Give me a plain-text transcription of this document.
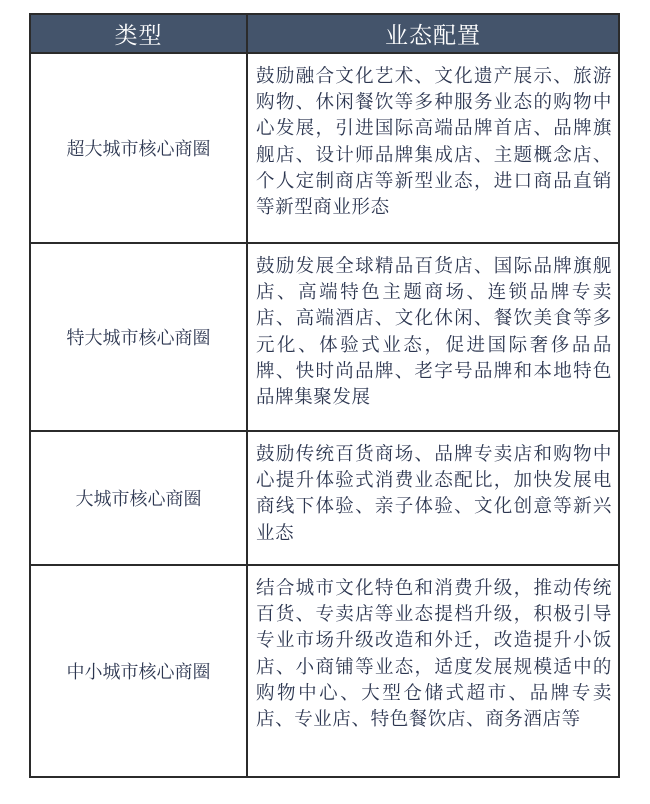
类型	业态配置
超大城市核心商圈
鼓励融合文化艺术、文化遗产展示、旅游购物、休闲餐饮等多种服务业态的购物中心发展，引进国际高端品牌首店、品牌旗舰店、设计师品牌集成店、主题概念店、个人定制商店等新型业态，进口商品直销等新型商业形态
特大城市核心商圈
鼓励发展全球精品百货店、国际品牌旗舰店、高端特色主题商场、连锁品牌专卖店、高端酒店、文化休闲、餐饮美食等多元化、体验式业态，促进国际奢侈品品牌、快时尚品牌、老字号品牌和本地特色品牌集聚发展
大城市核心商圈
鼓励传统百货商场、品牌专卖店和购物中心提升体验式消费业态配比，加快发展电商线下体验、亲子体验、文化创意等新兴业态
中小城市核心商圈
结合城市文化特色和消费升级，推动传统百货、专卖店等业态提档升级，积极引导专业市场升级改造和外迁，改造提升小饭店、小商铺等业态，适度发展规模适中的购物中心、大型仓储式超市、品牌专卖店、专业店、特色餐饮店、商务酒店等
